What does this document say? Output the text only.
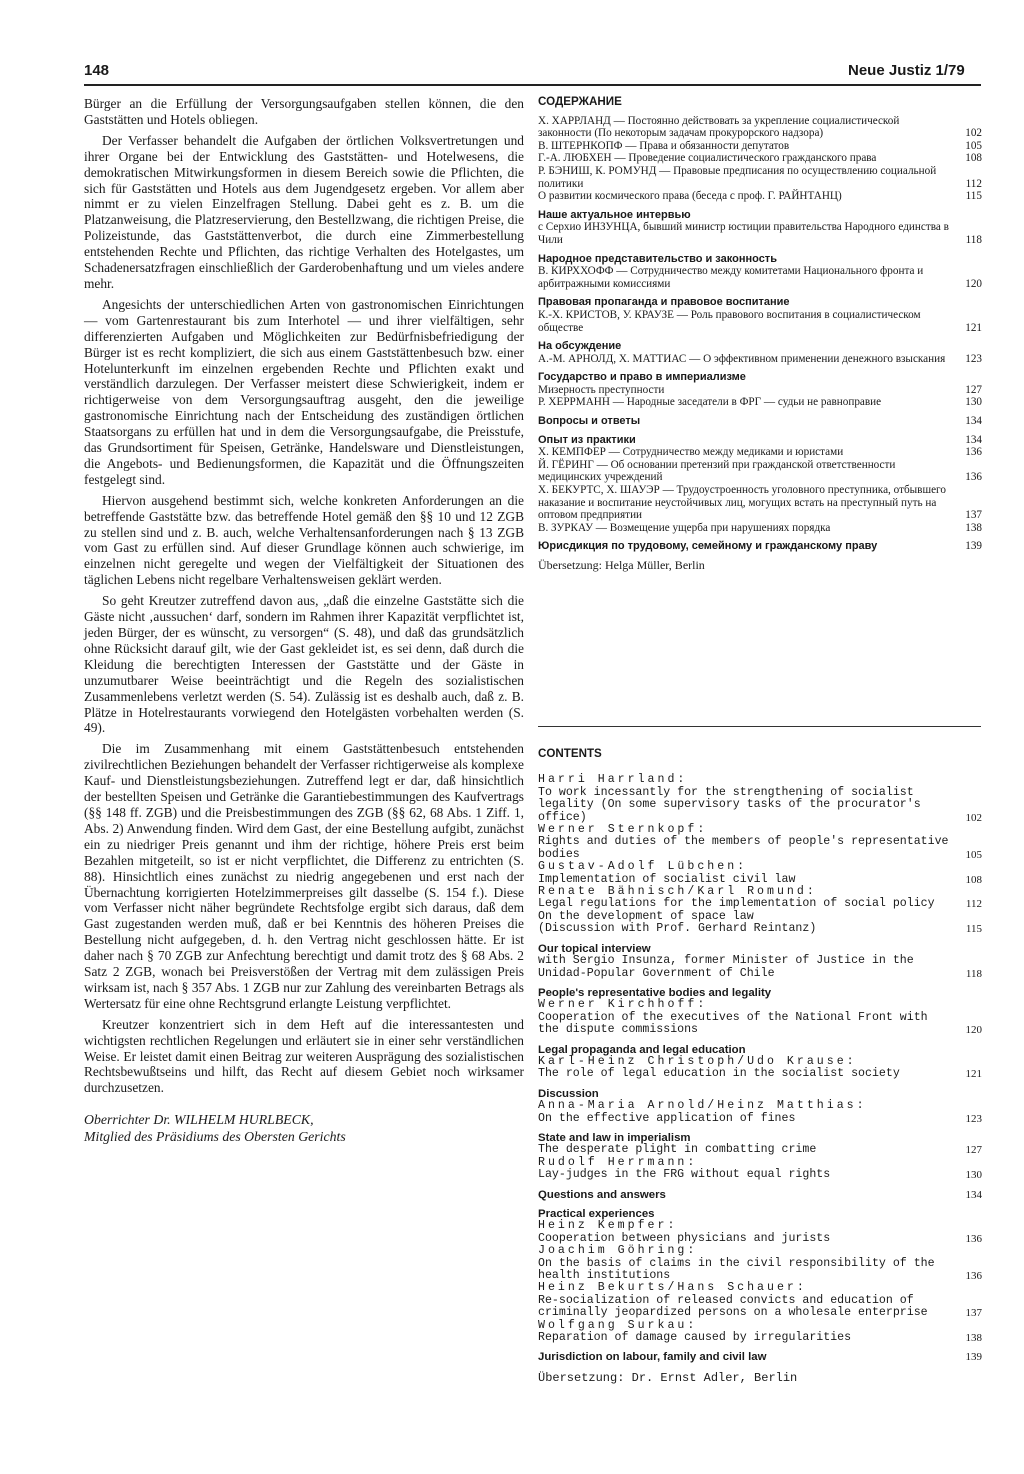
148	Neue Justiz 1/79

Bürger an die Erfüllung der Versorgungsaufgaben stellen können, die den Gaststätten und Hotels obliegen.

Der Verfasser behandelt die Aufgaben der örtlichen Volksvertretungen und ihrer Organe bei der Entwicklung des Gaststätten- und Hotelwesens, die demokratischen Mitwirkungsformen in diesem Bereich sowie die Pflichten, die sich für Gaststätten und Hotels aus dem Jugendgesetz ergeben. Vor allem aber nimmt er zu vielen Einzelfragen Stellung. Dabei geht es z. B. um die Platzanweisung, die Platzreservierung, den Bestellzwang, die richtigen Preise, die Polizeistunde, das Gaststättenverbot, die durch eine Zimmerbestellung entstehenden Rechte und Pflichten, das richtige Verhalten des Hotelgastes, um Schadenersatzfragen einschließlich der Garderobenhaftung und um vieles andere mehr.

Angesichts der unterschiedlichen Arten von gastronomischen Einrichtungen — vom Gartenrestaurant bis zum Interhotel — und ihrer vielfältigen, sehr differenzierten Aufgaben und Möglichkeiten zur Bedürfnisbefriedigung der Bürger ist es recht kompliziert, die sich aus einem Gaststättenbesuch bzw. einer Hotelunterkunft im einzelnen ergebenden Rechte und Pflichten exakt und verständlich darzulegen. Der Verfasser meistert diese Schwierigkeit, indem er richtigerweise von dem Versorgungsauftrag ausgeht, den die jeweilige gastronomische Einrichtung nach der Entscheidung des zuständigen örtlichen Staatsorgans zu erfüllen hat und in dem die Versorgungsaufgabe, die Preisstufe, das Grundsortiment für Speisen, Getränke, Handelsware und Dienstleistungen, die Angebots- und Bedienungsformen, die Kapazität und die Öffnungszeiten festgelegt sind.

Hiervon ausgehend bestimmt sich, welche konkreten Anforderungen an die betreffende Gaststätte bzw. das betreffende Hotel gemäß den §§ 10 und 12 ZGB zu stellen sind und z. B. auch, welche Verhaltensanforderungen nach § 13 ZGB vom Gast zu erfüllen sind. Auf dieser Grundlage können auch schwierige, im einzelnen nicht geregelte und wegen der Vielfältigkeit der Situationen des täglichen Lebens nicht regelbare Verhaltensweisen geklärt werden.

So geht Kreutzer zutreffend davon aus, „daß die einzelne Gaststätte sich die Gäste nicht ‚aussuchen‘ darf, sondern im Rahmen ihrer Kapazität verpflichtet ist, jeden Bürger, der es wünscht, zu versorgen“ (S. 48), und daß das grundsätzlich ohne Rücksicht darauf gilt, wie der Gast gekleidet ist, es sei denn, daß durch die Kleidung die berechtigten Interessen der Gaststätte und der Gäste in unzumutbarer Weise beeinträchtigt und die Regeln des sozialistischen Zusammenlebens verletzt werden (S. 54). Zulässig ist es deshalb auch, daß z. B. Plätze in Hotelrestaurants vorwiegend den Hotelgästen vorbehalten werden (S. 49).

Die im Zusammenhang mit einem Gaststättenbesuch entstehenden zivilrechtlichen Beziehungen behandelt der Verfasser richtigerweise als komplexe Kauf- und Dienstleistungsbeziehungen. Zutreffend legt er dar, daß hinsichtlich der bestellten Speisen und Getränke die Garantiebestimmungen des Kaufvertrags (§§ 148 ff. ZGB) und die Preisbestimmungen des ZGB (§§ 62, 68 Abs. 1 Ziff. 1, Abs. 2) Anwendung finden. Wird dem Gast, der eine Bestellung aufgibt, zunächst ein zu niedriger Preis genannt und ihm der richtige, höhere Preis erst beim Bezahlen mitgeteilt, so ist er nicht verpflichtet, die Differenz zu entrichten (S. 88). Hinsichtlich eines zunächst zu niedrig angegebenen und erst nach der Übernachtung korrigierten Hotelzimmerpreises gilt dasselbe (S. 154 f.). Diese vom Verfasser nicht näher begründete Rechtsfolge ergibt sich daraus, daß dem Gast zugestanden werden muß, daß er bei Kenntnis des höheren Preises die Bestellung nicht aufgegeben, d. h. den Vertrag nicht geschlossen hätte. Er ist daher nach § 70 ZGB zur Anfechtung berechtigt und damit trotz des § 68 Abs. 2 Satz 2 ZGB, wonach bei Preisverstößen der Vertrag mit dem zulässigen Preis wirksam ist, nach § 357 Abs. 1 ZGB nur zur Zahlung des vereinbarten Betrags als Wertersatz für eine ohne Rechtsgrund erlangte Leistung verpflichtet.

Kreutzer konzentriert sich in dem Heft auf die interessantesten und wichtigsten rechtlichen Regelungen und erläutert sie in einer sehr verständlichen Weise. Er leistet damit einen Beitrag zur weiteren Ausprägung des sozialistischen Rechtsbewußtseins und hilft, das Recht auf diesem Gebiet noch wirksamer durchzusetzen.

Oberrichter Dr. WILHELM HURLBECK,
Mitglied des Präsidiums des Obersten Gerichts
СОДЕРЖАНИЕ
Х. ХАРРЛАНД — Постоянно действовать за укрепление социалистической законности (По некоторым задачам прокурорского надзора)	102
В. ШТЕРНКОПФ — Права и обязанности депутатов	105
Г.-А. ЛЮБХЕН — Проведение социалистического гражданского права	108
Р. БЭНИШ, К. РОМУНД — Правовые предписания по осуществлению социальной политики	112
О развитии космического права (беседа с проф. Г. РАЙНТАНЦ)	115
Наше актуальное интервью
с Серхио ИНЗУНЦА, бывший министр юстиции правительства Народного единства в Чили	118
Народное представительство и законность
В. КИРХХОФФ — Сотрудничество между комитетами Национального фронта и арбитражными комиссиями	120
Правовая пропаганда и правовое воспитание
К.-Х. КРИСТОВ, У. КРАУЗЕ — Роль правового воспитания в социалистическом обществе	121
На обсуждение
А.-М. АРНОЛД, Х. МАТТИАС — О эффективном применении денежного взыскания	123
Государство и право в империализме
Мизерность преступности	127
Р. ХЕРРМАНН — Народные заседатели в ФРГ — судьи не равноправие	130
Вопросы и ответы	134
Опыт из практики	134
Х. КЕМПФЕР — Сотрудничество между медиками и юристами	136
Й. ГЁРИНГ — Об основании претензий при гражданской ответственности медицинских учреждений	136
Х. БЕКУРТС, Х. ШАУЭР — Трудоустроенность уголовного преступника, отбывшего наказание и воспитание неустойчивых лиц, могущих встать на преступный путь на оптовом предприятии	137
В. ЗУРКАУ — Возмещение ущерба при нарушениях порядка	138
Юрисдикция по трудовому, семейному и гражданскому праву	139
Übersetzung: Helga Müller, Berlin
CONTENTS
Harri Harrland:
To work incessantly for the strengthening of socialist legality (On some supervisory tasks of the procurator's office)	102
Werner Sternkopf:
Rights and duties of the members of people's representative bodies	105
Gustav-Adolf Lübchen:
Implementation of socialist civil law	108
Renate Bähnisch/Karl Romund:
Legal regulations for the implementation of social policy	112
On the development of space law
(Discussion with Prof. Gerhard Reintanz)	115
Our topical interview
with Sergio Insunza, former Minister of Justice in the Unidad-Popular Government of Chile	118
People's representative bodies and legality
Werner Kirchhoff:
Cooperation of the executives of the National Front with the dispute commissions	120
Legal propaganda and legal education
Karl-Heinz Christoph/Udo Krause:
The role of legal education in the socialist society	121
Discussion
Anna-Maria Arnold/Heinz Matthias:
On the effective application of fines	123
State and law in imperialism
The desperate plight in combatting crime	127
Rudolf Herrmann:
Lay-judges in the FRG without equal rights	130
Questions and answers	134
Practical experiences
Heinz Kempfer:
Cooperation between physicians and jurists	136
Joachim Göhring:
On the basis of claims in the civil responsibility of the health institutions	136
Heinz Bekurts/Hans Schauer:
Re-socialization of released convicts and education of criminally jeopardized persons on a wholesale enterprise	137
Wolfgang Surkau:
Reparation of damage caused by irregularities	138
Jurisdiction on labour, family and civil law	139
Übersetzung: Dr. Ernst Adler, Berlin
